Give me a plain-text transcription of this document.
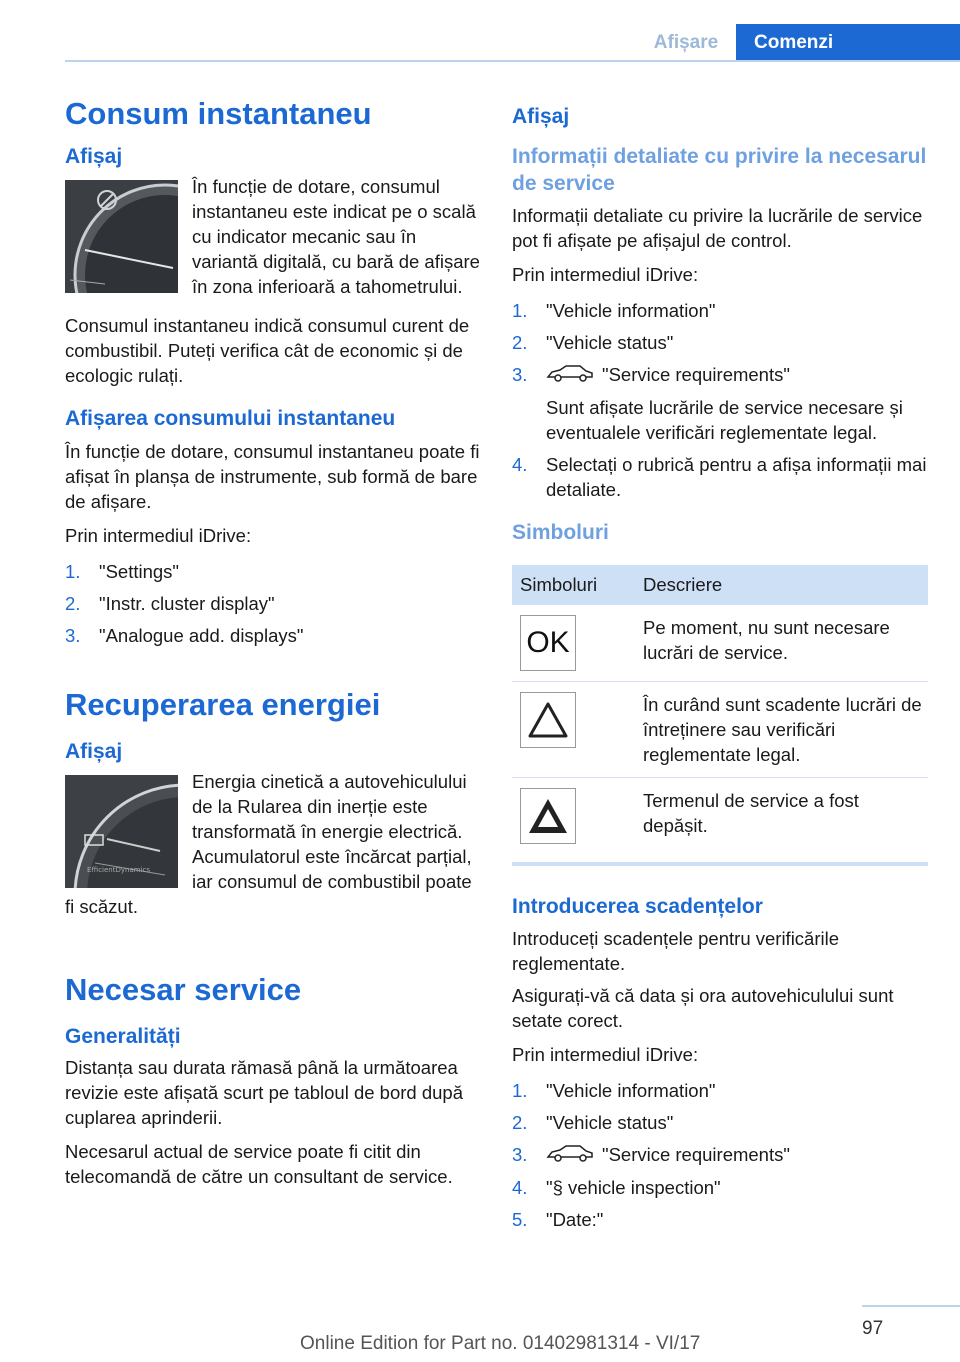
Afișare	Comenzi
Consum instantaneu
Afișaj

În funcție de dotare, consumul instantaneu este indicat pe o scală cu indicator mecanic sau în variantă digitală, cu bară de afișare în zona inferioară a tahometrului.

Consumul instantaneu indică consumul curent de combustibil. Puteți verifica cât de economic și de ecologic rulați.

Afișarea consumului instantaneu

În funcție de dotare, consumul instantaneu poate fi afișat în planșa de instrumente, sub formă de bare de afișare.

Prin intermediul iDrive:

1.	"Settings"
2.	"Instr. cluster display"
3.	"Analogue add. displays"
Recuperarea energiei
Afișaj
EfficientDynamics

Energia cinetică a autovehiculului de la Rularea din inerție este transformată în energie electrică. Acumulatorul este încărcat parțial, iar consumul de combustibil poate fi scăzut.

Necesar service
Generalități

Distanța sau durata rămasă până la următoarea revizie este afișată scurt pe tabloul de bord după cuplarea aprinderii.

Necesarul actual de service poate fi citit din telecomandă de către un consultant de service.

Afișaj
Informații detaliate cu privire la necesarul de service

Informații detaliate cu privire la lucrările de service pot fi afișate pe afișajul de control.

Prin intermediul iDrive:

1.	"Vehicle information"
2.	"Vehicle status"
3.	"Service requirements"
Sunt afișate lucrările de service necesare și eventualele verificări reglementate legal.
4.	Selectați o rubrică pentru a afișa informații mai detaliate.
Simboluri
Simboluri	Descriere

OK	Pe moment, nu sunt necesare lucrări de service.

	În curând sunt scadente lucrări de întreținere sau verificări reglementate legal.

	Termenul de service a fost depășit.
Introducerea scadențelor

Introduceți scadențele pentru verificările reglementate.

Asigurați-vă că data și ora autovehiculului sunt setate corect.

Prin intermediul iDrive:

1.	"Vehicle information"
2.	"Vehicle status"
3.	"Service requirements"
4.	"§ vehicle inspection"
5.	"Date:"
97
Online Edition for Part no. 01402981314 - VI/17
